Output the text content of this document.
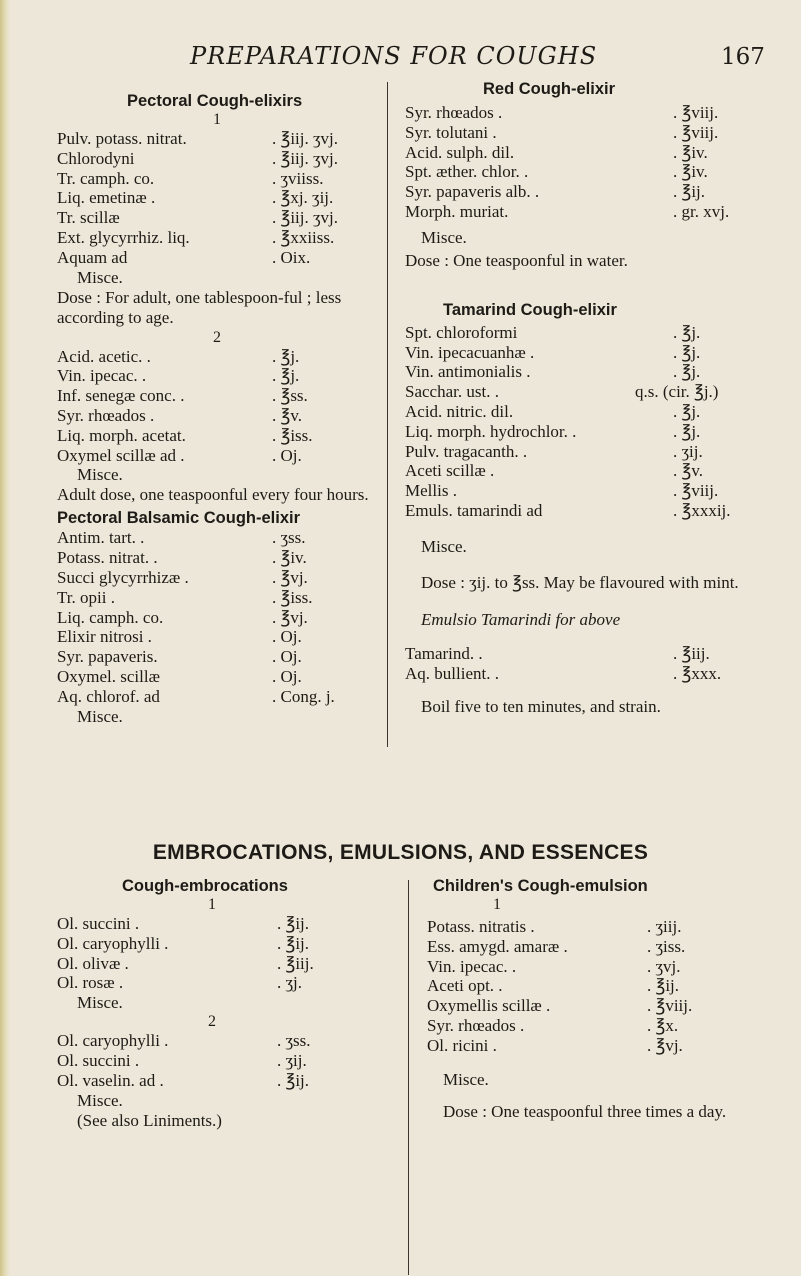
PREPARATIONS FOR COUGHS	167
Pectoral Cough-elixirs
1
Pulv. potass. nitrat.	. ℥iij. ʒvj.
Chlorodyni	. ℥iij. ʒvj.
Tr. camph. co.	. ʒviiss.
Liq. emetinæ .	. ℥xj. ʒij.
Tr. scillæ	. ℥iij. ʒvj.
Ext. glycyrrhiz. liq.	. ℥xxiiss.
Aquam ad	. Oix.
Misce.
Dose : For adult, one tablespoon-ful ; less according to age.
2
Acid. acetic. .	. ℥j.
Vin. ipecac. .	. ℥j.
Inf. senegæ conc. .	. ℥ss.
Syr. rhœados .	. ℥v.
Liq. morph. acetat.	. ℥iss.
Oxymel scillæ ad .	. Oj.
Misce.
Adult dose, one teaspoonful every four hours.
Pectoral Balsamic Cough-elixir
Antim. tart. .	. ʒss.
Potass. nitrat. .	. ℥iv.
Succi glycyrrhizæ .	. ℥vj.
Tr. opii .	. ℥iss.
Liq. camph. co.	. ℥vj.
Elixir nitrosi .	. Oj.
Syr. papaveris.	. Oj.
Oxymel. scillæ	. Oj.
Aq. chlorof. ad	. Cong. j.
Misce.
Red Cough-elixir
Syr. rhœados .	. ℥viij.
Syr. tolutani .	. ℥viij.
Acid. sulph. dil.	. ℥iv.
Spt. æther. chlor. .	. ℥iv.
Syr. papaveris alb. .	. ℥ij.
Morph. muriat.	. gr. xvj.
Misce.
Dose : One teaspoonful in water.
Tamarind Cough-elixir
Spt. chloroformi	. ℥j.
Vin. ipecacuanhæ .	. ℥j.
Vin. antimonialis .	. ℥j.
Sacchar. ust. .	q.s. (cir. ℥j.)
Acid. nitric. dil.	. ℥j.
Liq. morph. hydrochlor. .	. ℥j.
Pulv. tragacanth. .	. ʒij.
Aceti scillæ .	. ℥v.
Mellis .	. ℥viij.
Emuls. tamarindi ad	. ℥xxxij.
Misce.
Dose : ʒij. to ℥ss. May be flavoured with mint.
Emulsio Tamarindi for above
Tamarind. .	. ℥iij.
Aq. bullient. .	. ℥xxx.
Boil five to ten minutes, and strain.
EMBROCATIONS, EMULSIONS, AND ESSENCES
Cough-embrocations
1
Ol. succini .	. ℥ij.
Ol. caryophylli .	. ℥ij.
Ol. olivæ .	. ℥iij.
Ol. rosæ .	. ʒj.
Misce.
2
Ol. caryophylli .	. ʒss.
Ol. succini .	. ʒij.
Ol. vaselin. ad .	. ℥ij.
Misce.
(See also Liniments.)
Children's Cough-emulsion
1
Potass. nitratis .	. ʒiij.
Ess. amygd. amaræ .	. ʒiss.
Vin. ipecac. .	. ʒvj.
Aceti opt. .	. ℥ij.
Oxymellis scillæ .	. ℥viij.
Syr. rhœados .	. ℥x.
Ol. ricini .	. ℥vj.
Misce.
Dose : One teaspoonful three times a day.
